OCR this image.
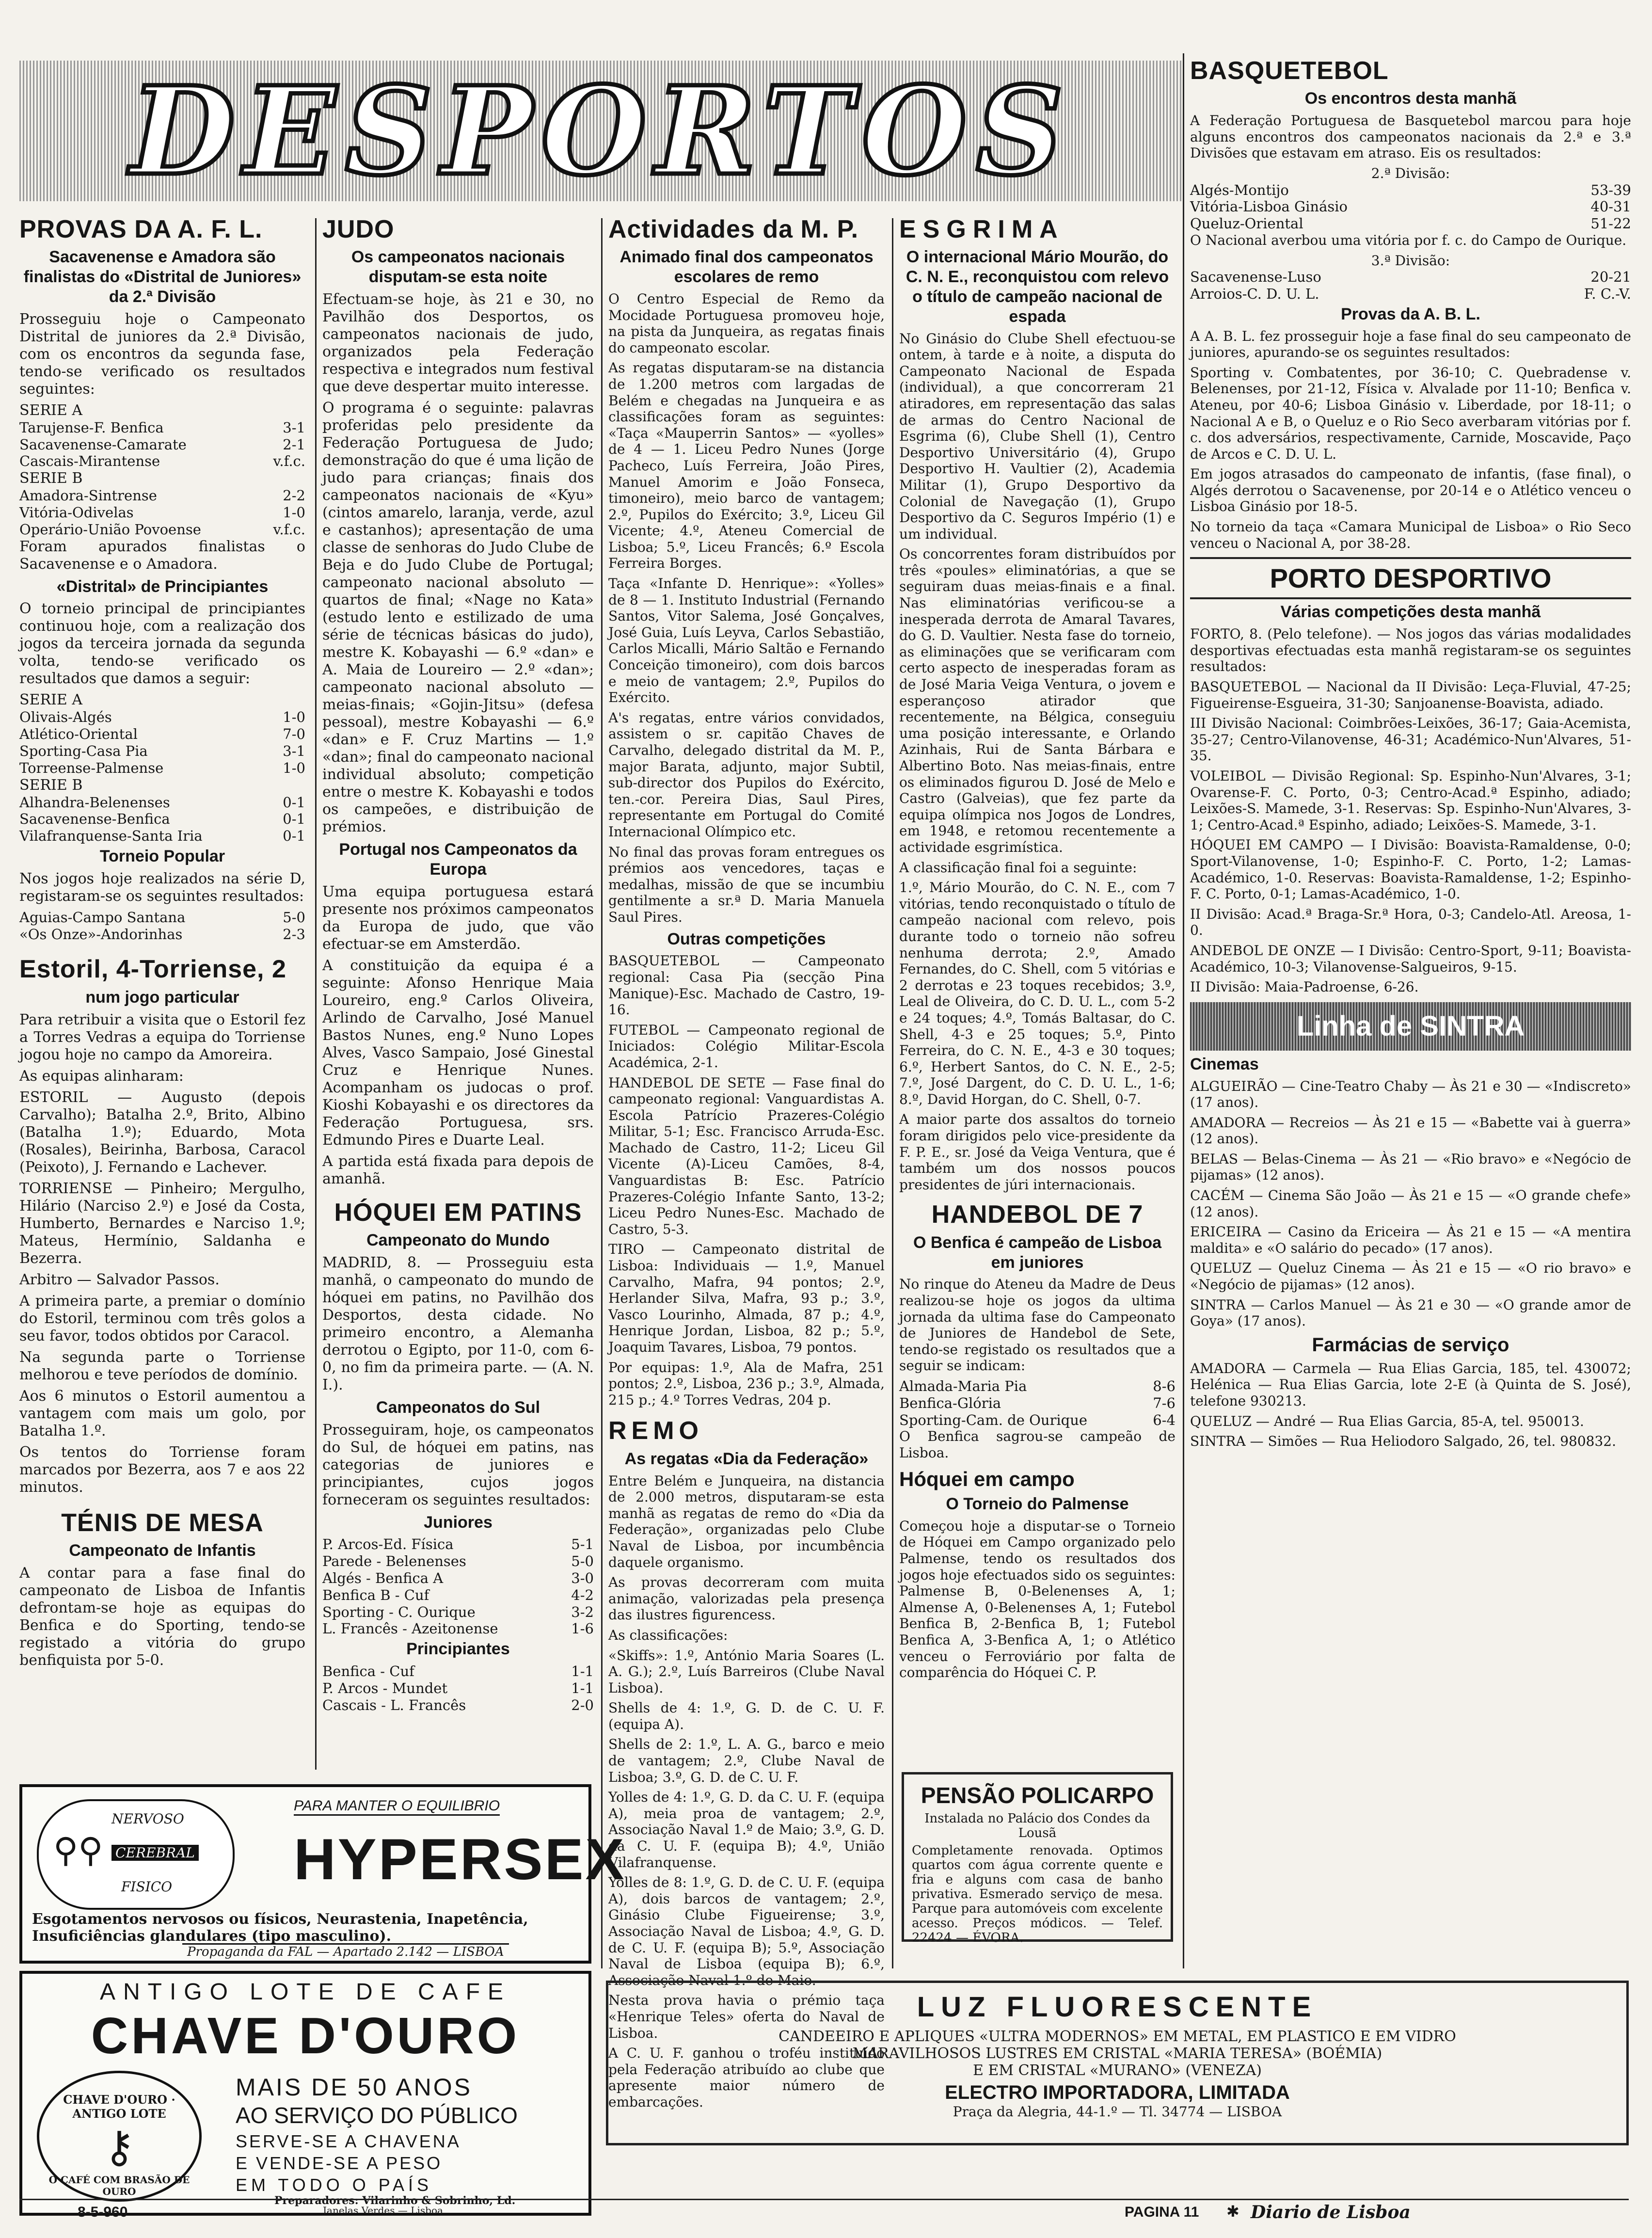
DESPORTOS
PROVAS DA A. F. L.
Sacavenense e Amadora são finalistas do «Distrital de Juniores» da 2.ª Divisão

Prosseguiu hoje o Campeonato Distrital de juniores da 2.ª Divisão, com os encontros da segunda fase, tendo-se verificado os resultados seguintes:

SERIE A
Tarujense-F. Benfica	3-1
Sacavenense-Camarate	2-1
Cascais-Mirantense	v.f.c.
SERIE B
Amadora-Sintrense	2-2
Vitória-Odivelas	1-0
Operário-União Povoense	v.f.c.

Foram apurados finalistas o Sacavenense e o Amadora.

«Distrital» de Principiantes

O torneio principal de principiantes continuou hoje, com a realização dos jogos da terceira jornada da segunda volta, tendo-se verificado os resultados que damos a seguir:

SERIE A
Olivais-Algés	1-0
Atlético-Oriental	7-0
Sporting-Casa Pia	3-1
Torreense-Palmense	1-0
SERIE B
Alhandra-Belenenses	0-1
Sacavenense-Benfica	0-1
Vilafranquense-Santa Iria	0-1
Torneio Popular

Nos jogos hoje realizados na série D, registaram-se os seguintes resultados:

Aguias-Campo Santana	5-0
«Os Onze»-Andorinhas	2-3
Estoril, 4-Torriense, 2
num jogo particular

Para retribuir a visita que o Estoril fez a Torres Vedras a equipa do Torriense jogou hoje no campo da Amoreira.

As equipas alinharam:

ESTORIL — Augusto (depois Carvalho); Batalha 2.º, Brito, Albino (Batalha 1.º); Eduardo, Mota (Rosales), Beirinha, Barbosa, Caracol (Peixoto), J. Fernando e Lachever.

TORRIENSE — Pinheiro; Mergulho, Hilário (Narciso 2.º) e José da Costa, Humberto, Bernardes e Narciso 1.º; Mateus, Hermínio, Saldanha e Bezerra.

Arbitro — Salvador Passos.

A primeira parte, a premiar o domínio do Estoril, terminou com três golos a seu favor, todos obtidos por Caracol.

Na segunda parte o Torriense melhorou e teve períodos de domínio.

Aos 6 minutos o Estoril aumentou a vantagem com mais um golo, por Batalha 1.º.

Os tentos do Torriense foram marcados por Bezerra, aos 7 e aos 22 minutos.

TÉNIS DE MESA
Campeonato de Infantis

A contar para a fase final do campeonato de Lisboa de Infantis defrontam-se hoje as equipas do Benfica e do Sporting, tendo-se registado a vitória do grupo benfiquista por 5-0.

JUDO
Os campeonatos nacionais disputam-se esta noite

Efectuam-se hoje, às 21 e 30, no Pavilhão dos Desportos, os campeonatos nacionais de judo, organizados pela Federação respectiva e integrados num festival que deve despertar muito interesse.

O programa é o seguinte: palavras proferidas pelo presidente da Federação Portuguesa de Judo; demonstração do que é uma lição de judo para crianças; finais dos campeonatos nacionais de «Kyu» (cintos amarelo, laranja, verde, azul e castanhos); apresentação de uma classe de senhoras do Judo Clube de Beja e do Judo Clube de Portugal; campeonato nacional absoluto — quartos de final; «Nage no Kata» (estudo lento e estilizado de uma série de técnicas básicas do judo), mestre K. Kobayashi — 6.º «dan» e A. Maia de Loureiro — 2.º «dan»; campeonato nacional absoluto — meias-finais; «Gojin-Jitsu» (defesa pessoal), mestre Kobayashi — 6.º «dan» e F. Cruz Martins — 1.º «dan»; final do campeonato nacional individual absoluto; competição entre o mestre K. Kobayashi e todos os campeões, e distribuição de prémios.

Portugal nos Campeonatos da Europa

Uma equipa portuguesa estará presente nos próximos campeonatos da Europa de judo, que vão efectuar-se em Amsterdão.

A constituição da equipa é a seguinte: Afonso Henrique Maia Loureiro, eng.º Carlos Oliveira, Arlindo de Carvalho, José Manuel Bastos Nunes, eng.º Nuno Lopes Alves, Vasco Sampaio, José Ginestal Cruz e Henrique Nunes. Acompanham os judocas o prof. Kioshi Kobayashi e os directores da Federação Portuguesa, srs. Edmundo Pires e Duarte Leal.

A partida está fixada para depois de amanhã.

HÓQUEI EM PATINS
Campeonato do Mundo

MADRID, 8. — Prosseguiu esta manhã, o campeonato do mundo de hóquei em patins, no Pavilhão dos Desportos, desta cidade. No primeiro encontro, a Alemanha derrotou o Egipto, por 11-0, com 6-0, no fim da primeira parte. — (A. N. I.).

Campeonatos do Sul

Prosseguiram, hoje, os campeonatos do Sul, de hóquei em patins, nas categorias de juniores e principiantes, cujos jogos forneceram os seguintes resultados:

Juniores
P. Arcos-Ed. Física	5-1
Parede - Belenenses	5-0
Algés - Benfica A	3-0
Benfica B - Cuf	4-2
Sporting - C. Ourique	3-2
L. Francês - Azeitonense	1-6
Principiantes
Benfica - Cuf	1-1
P. Arcos - Mundet	1-1
Cascais - L. Francês	2-0
Actividades da M. P.
Animado final dos campeonatos escolares de remo

O Centro Especial de Remo da Mocidade Portuguesa promoveu hoje, na pista da Junqueira, as regatas finais do campeonato escolar.

As regatas disputaram-se na distancia de 1.200 metros com largadas de Belém e chegadas na Junqueira e as classificações foram as seguintes: «Taça «Mauperrin Santos» — «yolles» de 4 — 1. Liceu Pedro Nunes (Jorge Pacheco, Luís Ferreira, João Pires, Manuel Amorim e João Fonseca, timoneiro), meio barco de vantagem; 2.º, Pupilos do Exército; 3.º, Liceu Gil Vicente; 4.º, Ateneu Comercial de Lisboa; 5.º, Liceu Francês; 6.º Escola Ferreira Borges.

Taça «Infante D. Henrique»: «Yolles» de 8 — 1. Instituto Industrial (Fernando Santos, Vitor Salema, José Gonçalves, José Guia, Luís Leyva, Carlos Sebastião, Carlos Micalli, Mário Saltão e Fernando Conceição timoneiro), com dois barcos e meio de vantagem; 2.º, Pupilos do Exército.

A's regatas, entre vários convidados, assistem o sr. capitão Chaves de Carvalho, delegado distrital da M. P., major Barata, adjunto, major Subtil, sub-director dos Pupilos do Exército, ten.-cor. Pereira Dias, Saul Pires, representante em Portugal do Comité Internacional Olímpico etc.

No final das provas foram entregues os prémios aos vencedores, taças e medalhas, missão de que se incumbiu gentilmente a sr.ª D. Maria Manuela Saul Pires.

Outras competições

BASQUETEBOL — Campeonato regional: Casa Pia (secção Pina Manique)-Esc. Machado de Castro, 19-16.

FUTEBOL — Campeonato regional de Iniciados: Colégio Militar-Escola Académica, 2-1.

HANDEBOL DE SETE — Fase final do campeonato regional: Vanguardistas A. Escola Patrício Prazeres-Colégio Militar, 5-1; Esc. Francisco Arruda-Esc. Machado de Castro, 11-2; Liceu Gil Vicente (A)-Liceu Camões, 8-4, Vanguardistas B: Esc. Patrício Prazeres-Colégio Infante Santo, 13-2; Liceu Pedro Nunes-Esc. Machado de Castro, 5-3.

TIRO — Campeonato distrital de Lisboa: Individuais — 1.º, Manuel Carvalho, Mafra, 94 pontos; 2.º, Herlander Silva, Mafra, 93 p.; 3.º, Vasco Lourinho, Almada, 87 p.; 4.º, Henrique Jordan, Lisboa, 82 p.; 5.º, Joaquim Tavares, Lisboa, 79 pontos.

Por equipas: 1.º, Ala de Mafra, 251 pontos; 2.º, Lisboa, 236 p.; 3.º, Almada, 215 p.; 4.º Torres Vedras, 204 p.

REMO
As regatas «Dia da Federação»

Entre Belém e Junqueira, na distancia de 2.000 metros, disputaram-se esta manhã as regatas de remo do «Dia da Federação», organizadas pelo Clube Naval de Lisboa, por incumbência daquele organismo.

As provas decorreram com muita animação, valorizadas pela presença das ilustres figurencess.

As classificações:

«Skiffs»: 1.º, António Maria Soares (L. A. G.); 2.º, Luís Barreiros (Clube Naval Lisboa).

Shells de 4: 1.º, G. D. de C. U. F. (equipa A).

Shells de 2: 1.º, L. A. G., barco e meio de vantagem; 2.º, Clube Naval de Lisboa; 3.º, G. D. de C. U. F.

Yolles de 4: 1.º, G. D. da C. U. F. (equipa A), meia proa de vantagem; 2.º, Associação Naval 1.º de Maio; 3.º, G. D. da C. U. F. (equipa B); 4.º, União Vilafranquense.

Yolles de 8: 1.º, G. D. de C. U. F. (equipa A), dois barcos de vantagem; 2.º, Ginásio Clube Figueirense; 3.º, Associação Naval de Lisboa; 4.º, G. D. de C. U. F. (equipa B); 5.º, Associação Naval de Lisboa (equipa B); 6.º, Associação Naval 1.º de Maio.

Nesta prova havia o prémio taça «Henrique Teles» oferta do Naval de Lisboa.

A C. U. F. ganhou o troféu instituído pela Federação atribuído ao clube que apresente maior número de embarcações.

ESGRIMA
O internacional Mário Mourão, do C. N. E., reconquistou com relevo o título de campeão nacional de espada

No Ginásio do Clube Shell efectuou-se ontem, à tarde e à noite, a disputa do Campeonato Nacional de Espada (individual), a que concorreram 21 atiradores, em representação das salas de armas do Centro Nacional de Esgrima (6), Clube Shell (1), Centro Desportivo Universitário (4), Grupo Desportivo H. Vaultier (2), Academia Militar (1), Grupo Desportivo da Colonial de Navegação (1), Grupo Desportivo da C. Seguros Império (1) e um individual.

Os concorrentes foram distribuídos por três «poules» eliminatórias, a que se seguiram duas meias-finais e a final. Nas eliminatórias verificou-se a inesperada derrota de Amaral Tavares, do G. D. Vaultier. Nesta fase do torneio, as eliminações que se verificaram com certo aspecto de inesperadas foram as de José Maria Veiga Ventura, o jovem e esperançoso atirador que recentemente, na Bélgica, conseguiu uma posição interessante, e Orlando Azinhais, Rui de Santa Bárbara e Albertino Boto. Nas meias-finais, entre os eliminados figurou D. José de Melo e Castro (Galveias), que fez parte da equipa olímpica nos Jogos de Londres, em 1948, e retomou recentemente a actividade esgrimística.

A classificação final foi a seguinte:

1.º, Mário Mourão, do C. N. E., com 7 vitórias, tendo reconquistado o título de campeão nacional com relevo, pois durante todo o torneio não sofreu nenhuma derrota; 2.º, Amado Fernandes, do C. Shell, com 5 vitórias e 2 derrotas e 23 toques recebidos; 3.º, Leal de Oliveira, do C. D. U. L., com 5-2 e 24 toques; 4.º, Tomás Baltasar, do C. Shell, 4-3 e 25 toques; 5.º, Pinto Ferreira, do C. N. E., 4-3 e 30 toques; 6.º, Herbert Santos, do C. N. E., 2-5; 7.º, José Dargent, do C. D. U. L., 1-6; 8.º, David Horgan, do C. Shell, 0-7.

A maior parte dos assaltos do torneio foram dirigidos pelo vice-presidente da F. P. E., sr. José da Veiga Ventura, que é também um dos nossos poucos presidentes de júri internacionais.

HANDEBOL DE 7
O Benfica é campeão de Lisboa em juniores

No rinque do Ateneu da Madre de Deus realizou-se hoje os jogos da ultima jornada da ultima fase do Campeonato de Juniores de Handebol de Sete, tendo-se registado os resultados que a seguir se indicam:

Almada-Maria Pia	8-6
Benfica-Glória	7-6
Sporting-Cam. de Ourique	6-4

O Benfica sagrou-se campeão de Lisboa.

Hóquei em campo
O Torneio do Palmense

Começou hoje a disputar-se o Torneio de Hóquei em Campo organizado pelo Palmense, tendo os resultados dos jogos hoje efectuados sido os seguintes: Palmense B, 0-Belenenses A, 1; Almense A, 0-Belenenses A, 1; Futebol Benfica B, 2-Benfica B, 1; Futebol Benfica A, 3-Benfica A, 1; o Atlético venceu o Ferroviário por falta de comparência do Hóquei C. P.

BASQUETEBOL
Os encontros desta manhã

A Federação Portuguesa de Basquetebol marcou para hoje alguns encontros dos campeonatos nacionais da 2.ª e 3.ª Divisões que estavam em atraso. Eis os resultados:

2.ª Divisão:
Algés-Montijo	53-39
Vitória-Lisboa Ginásio	40-31
Queluz-Oriental	51-22

O Nacional averbou uma vitória por f. c. do Campo de Ourique.

3.ª Divisão:
Sacavenense-Luso	20-21
Arroios-C. D. U. L.	F. C.-V.
Provas da A. B. L.

A A. B. L. fez prosseguir hoje a fase final do seu campeonato de juniores, apurando-se os seguintes resultados:

Sporting v. Combatentes, por 36-10; C. Quebradense v. Belenenses, por 21-12, Física v. Alvalade por 11-10; Benfica v. Ateneu, por 40-6; Lisboa Ginásio v. Liberdade, por 18-11; o Nacional A e B, o Queluz e o Rio Seco averbaram vitórias por f. c. dos adversários, respectivamente, Carnide, Moscavide, Paço de Arcos e C. D. U. L.

Em jogos atrasados do campeonato de infantis, (fase final), o Algés derrotou o Sacavenense, por 20-14 e o Atlético venceu o Lisboa Ginásio por 18-5.

No torneio da taça «Camara Municipal de Lisboa» o Rio Seco venceu o Nacional A, por 38-28.

PORTO DESPORTIVO
Várias competições desta manhã

FORTO, 8. (Pelo telefone). — Nos jogos das várias modalidades desportivas efectuadas esta manhã registaram-se os seguintes resultados:

BASQUETEBOL — Nacional da II Divisão: Leça-Fluvial, 47-25; Figueirense-Esgueira, 31-30; Sanjoanense-Boavista, adiado.

III Divisão Nacional: Coimbrões-Leixões, 36-17; Gaia-Acemista, 35-27; Centro-Vilanovense, 46-31; Académico-Nun'Alvares, 51-35.

VOLEIBOL — Divisão Regional: Sp. Espinho-Nun'Alvares, 3-1; Ovarense-F. C. Porto, 0-3; Centro-Acad.ª Espinho, adiado; Leixões-S. Mamede, 3-1. Reservas: Sp. Espinho-Nun'Alvares, 3-1; Centro-Acad.ª Espinho, adiado; Leixões-S. Mamede, 3-1.

HÓQUEI EM CAMPO — I Divisão: Boavista-Ramaldense, 0-0; Sport-Vilanovense, 1-0; Espinho-F. C. Porto, 1-2; Lamas-Académico, 1-0. Reservas: Boavista-Ramaldense, 1-2; Espinho-F. C. Porto, 0-1; Lamas-Académico, 1-0.

II Divisão: Acad.ª Braga-Sr.ª Hora, 0-3; Candelo-Atl. Areosa, 1-0.

ANDEBOL DE ONZE — I Divisão: Centro-Sport, 9-11; Boavista-Académico, 10-3; Vilanovense-Salgueiros, 9-15.

II Divisão: Maia-Padroense, 6-26.

Linha de SINTRA
Cinemas

ALGUEIRÃO — Cine-Teatro Chaby — Às 21 e 30 — «Indiscreto» (17 anos).

AMADORA — Recreios — Às 21 e 15 — «Babette vai à guerra» (12 anos).

BELAS — Belas-Cinema — Às 21 — «Rio bravo» e «Negócio de pijamas» (12 anos).

CACÉM — Cinema São João — Às 21 e 15 — «O grande chefe» (12 anos).

ERICEIRA — Casino da Ericeira — Às 21 e 15 — «A mentira maldita» e «O salário do pecado» (17 anos).

QUELUZ — Queluz Cinema — Às 21 e 15 — «O rio bravo» e «Negócio de pijamas» (12 anos).

SINTRA — Carlos Manuel — Às 21 e 30 — «O grande amor de Goya» (17 anos).

Farmácias de serviço

AMADORA — Carmela — Rua Elias Garcia, 185, tel. 430072; Helénica — Rua Elias Garcia, lote 2-E (à Quinta de S. José), telefone 930213.

QUELUZ — André — Rua Elias Garcia, 85-A, tel. 950013.

SINTRA — Simões — Rua Heliodoro Salgado, 26, tel. 980832.

PARA MANTER O EQUILIBRIO
NERVOSO
CEREBRAL
FISICO
⚲⚲	HYPERSEX
Esgotamentos nervosos ou físicos, Neurastenia, Inapetência, Insuficiências glandulares (tipo masculino).
Propaganda da FAL — Apartado 2.142 — LISBOA
ANTIGO LOTE DE CAFE
CHAVE D'OURO
CHAVE D'OURO · ANTIGO LOTE
⚷
O CAFÉ COM BRASÃO DE OURO
MAIS DE 50 ANOS
AO SERVIÇO DO PÚBLICO
SERVE-SE A CHAVENA
E VENDE-SE A PESO
EM TODO O PAÍS
Preparadores: Vilarinho & Sobrinho, Ld.
Janelas Verdes — Lisboa
PENSÃO POLICARPO
Instalada no Palácio dos Condes da Lousã

Completamente renovada. Optimos quartos com água corrente quente e fria e alguns com casa de banho privativa. Esmerado serviço de mesa. Parque para automóveis com excelente acesso. Preços módicos. — Telef. 22424 — ÉVORA.

LUZ FLUORESCENTE
CANDEEIRO E APLIQUES «ULTRA MODERNOS» EM METAL, EM PLASTICO E EM VIDRO
MARAVILHOSOS LUSTRES EM CRISTAL «MARIA TERESA» (BOÉMIA)
E EM CRISTAL «MURANO» (VENEZA)
ELECTRO IMPORTADORA, LIMITADA
Praça da Alegria, 44-1.º — Tl. 34774 — LISBOA
8-5-960	PAGINA 11 ✱ Diario de Lisboa
